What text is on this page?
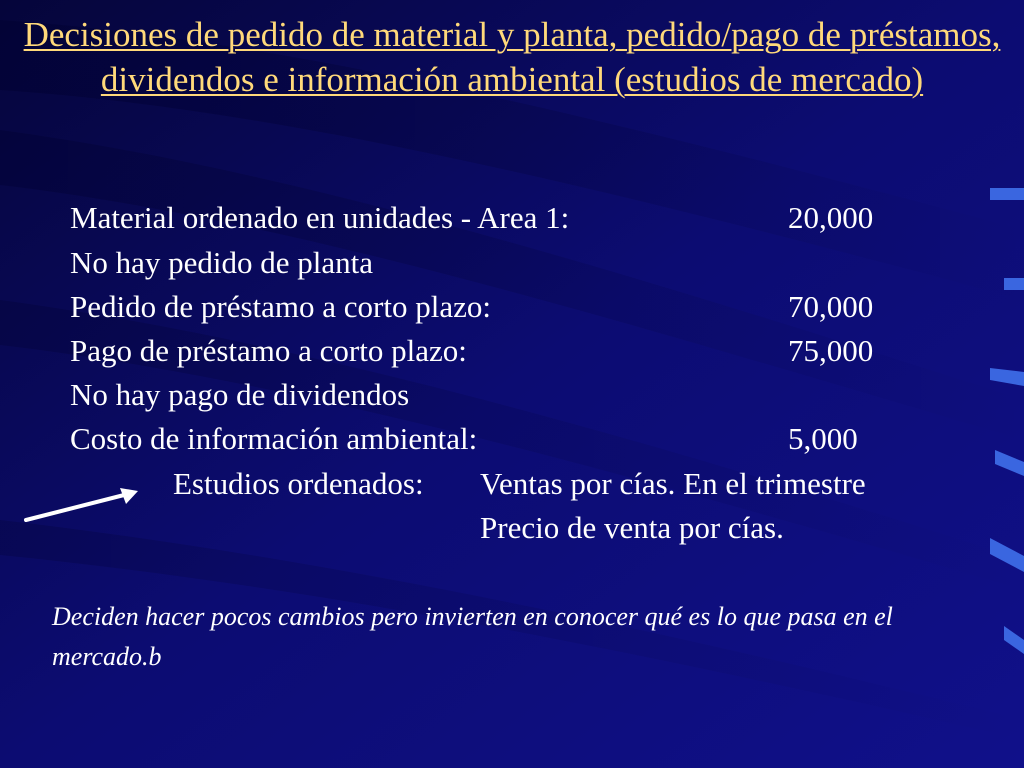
Decisiones de pedido de material y planta, pedido/pago de préstamos, dividendos e información ambiental (estudios de mercado)
Material ordenado en unidades - Area 1:	20,000
No hay pedido de planta
Pedido de préstamo a corto plazo:	70,000
Pago de préstamo a corto plazo:	75,000
No hay pago de dividendos
Costo de información ambiental:	5,000
Estudios ordenados: Ventas por cías. En el trimestre
Precio de venta por cías.

Deciden hacer pocos cambios pero invierten en conocer qué es lo que pasa en el mercado.b
